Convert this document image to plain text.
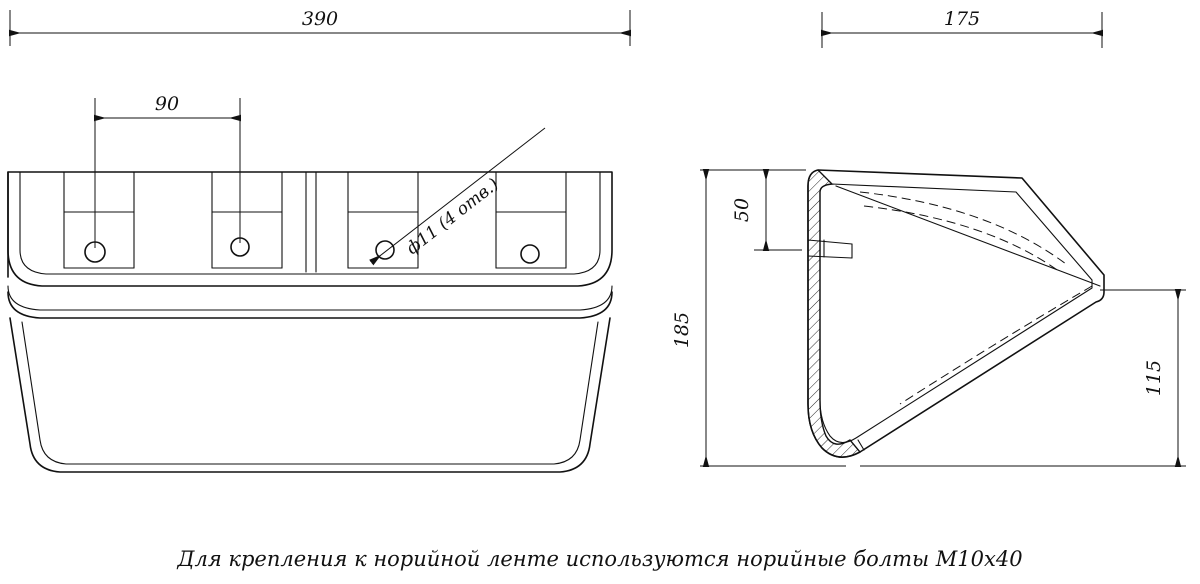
390
90
ф11 (4 отв.)
175
50
185
115
Для крепления к норийной ленте используются норийные болты М10х40
